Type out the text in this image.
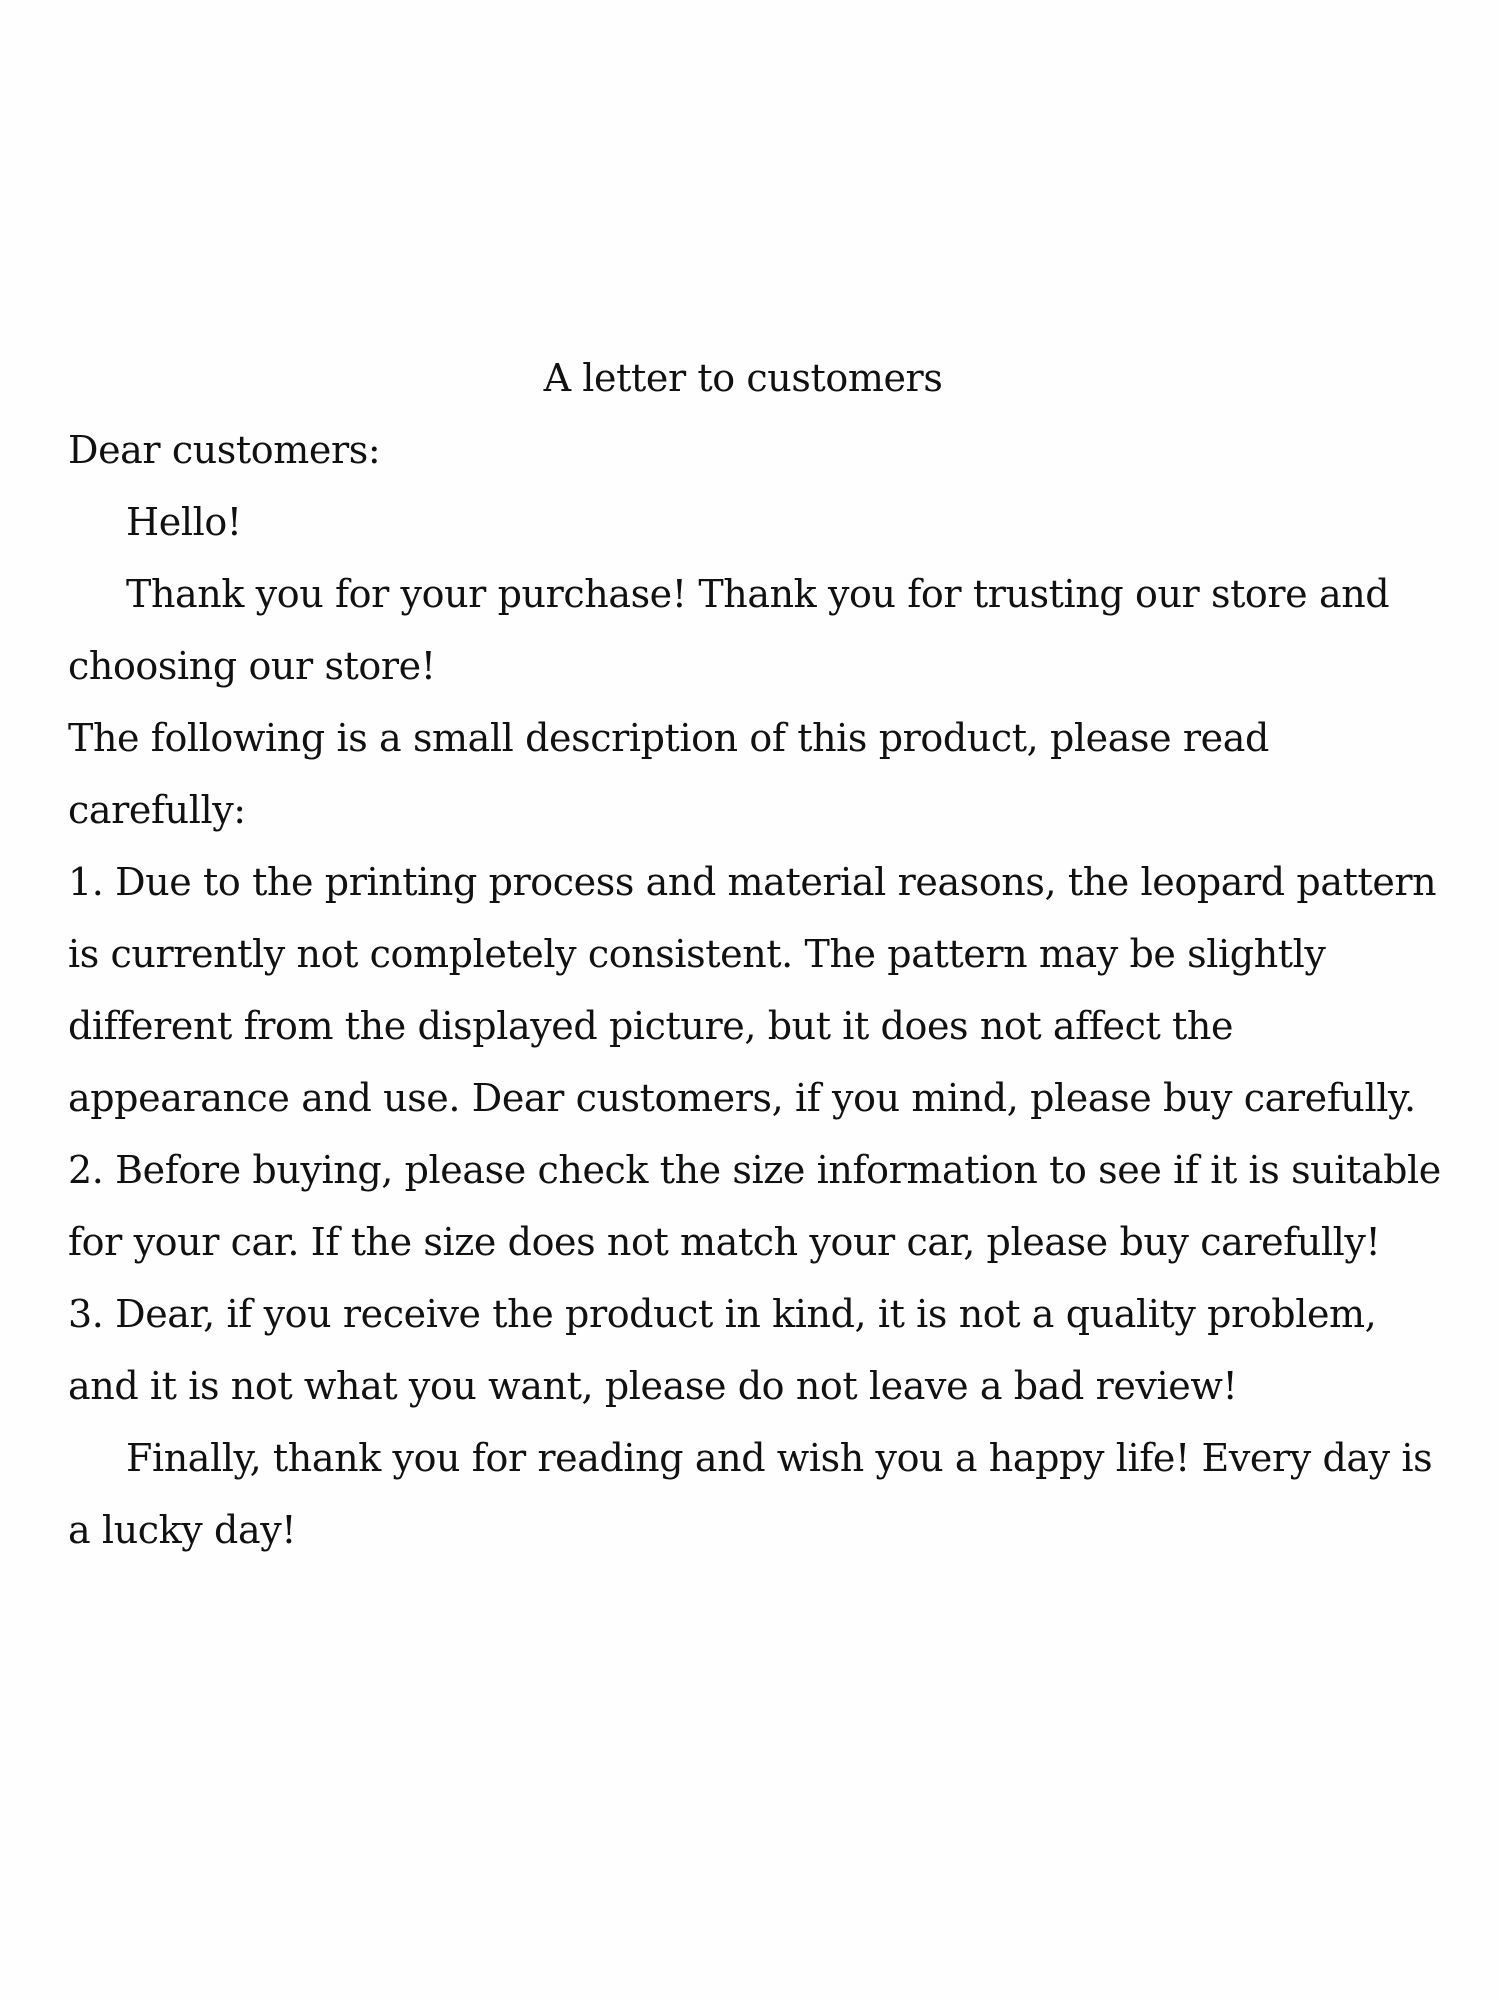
A letter to customers

Dear customers:

Hello!

Thank you for your purchase! Thank you for trusting our store and choosing our store!

The following is a small description of this product, please read carefully:

1. Due to the printing process and material reasons, the leopard pattern is currently not completely consistent. The pattern may be slightly different from the displayed picture, but it does not affect the appearance and use. Dear customers, if you mind, please buy carefully.

2. Before buying, please check the size information to see if it is suitable for your car. If the size does not match your car, please buy carefully!

3. Dear, if you receive the product in kind, it is not a quality problem, and it is not what you want, please do not leave a bad review!

Finally, thank you for reading and wish you a happy life! Every day is a lucky day!
